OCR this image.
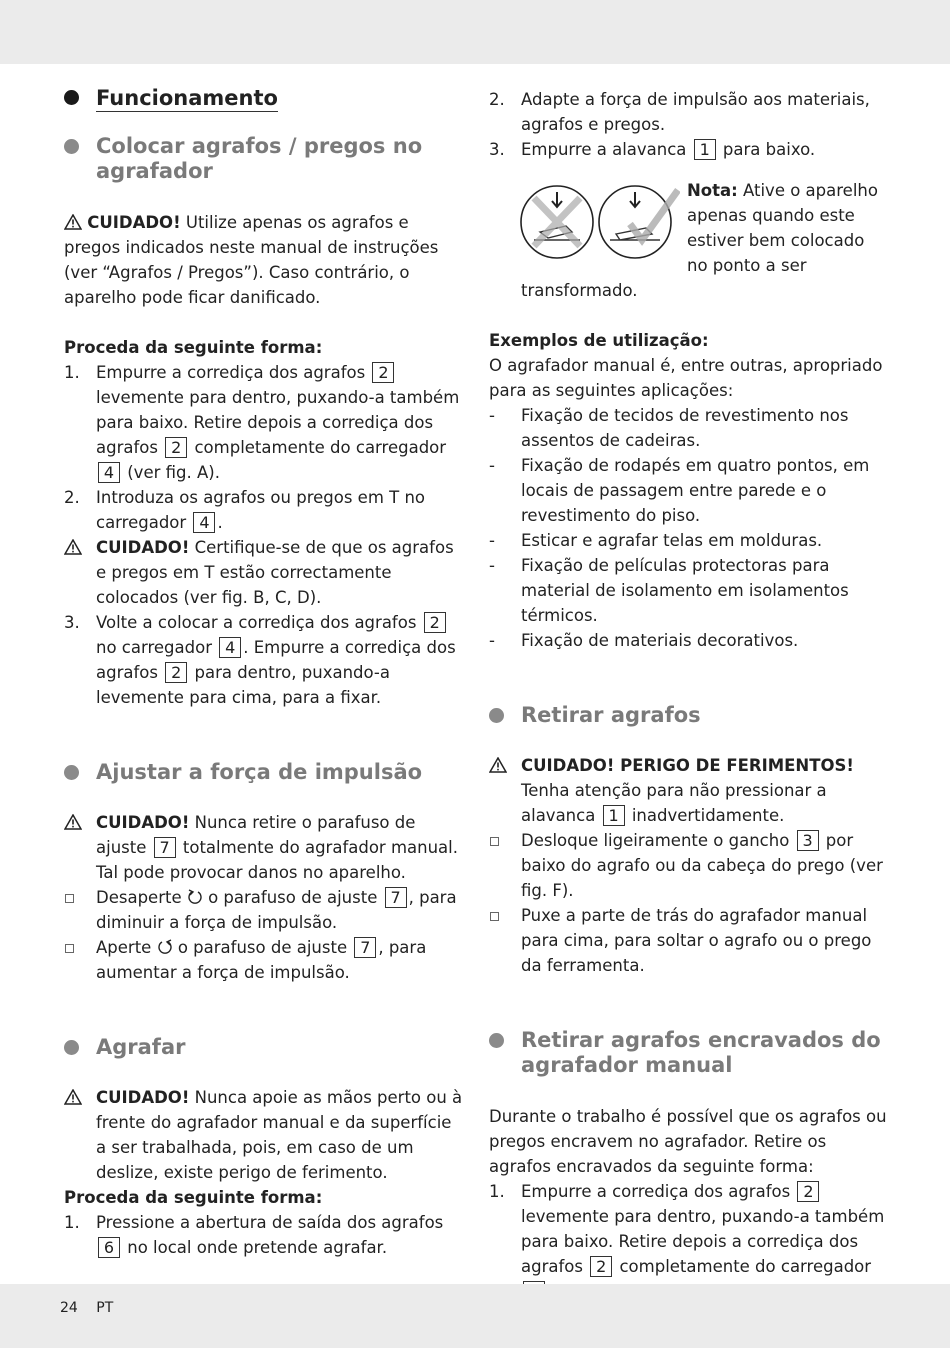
Funcionamento
Colocar agrafos / pregos no agrafador

CUIDADO! Utilize apenas os agrafos e pregos indicados neste manual de instruções (ver “Agrafos / Pregos”). Caso contrário, o aparelho pode ficar danificado.

Proceda da seguinte forma:

1. Empurre a corrediça dos agrafos 2 levemente para dentro, puxando-a também para baixo. Retire depois a corrediça dos agrafos 2 completamente do carregador 4 (ver fig. A).
2. Introduza os agrafos ou pregos em T no carregador 4 .
CUIDADO! Certifique-se de que os agrafos e pregos em T estão correctamente colocados (ver fig. B, C, D).
3. Volte a colocar a corrediça dos agrafos 2 no carregador 4 . Empurre a corrediça dos agrafos 2 para dentro, puxando-a levemente para cima, para a fixar.
Ajustar a força de impulsão
CUIDADO! Nunca retire o parafuso de ajuste 7 totalmente do agrafador manual. Tal pode provocar danos no aparelho.
Desaperte o parafuso de ajuste 7 , para diminuir a força de impulsão.
Aperte o parafuso de ajuste 7 , para aumentar a força de impulsão.
Agrafar
CUIDADO! Nunca apoie as mãos perto ou à frente do agrafador manual e da superfície a ser trabalhada, pois, em caso de um deslize, existe perigo de ferimento.

Proceda da seguinte forma:

1. Pressione a abertura de saída dos agrafos 6 no local onde pretende agrafar.
2. Adapte a força de impulsão aos materiais, agrafos e pregos.
3. Empurre a alavanca 1 para baixo.

Nota: Ative o aparelho apenas quando este estiver bem colocado no ponto a ser

transformado.

Exemplos de utilização:

O agrafador manual é, entre outras, apropriado para as seguintes aplicações:

- Fixação de tecidos de revestimento nos assentos de cadeiras.
- Fixação de rodapés em quatro pontos, em locais de passagem entre parede e o revestimento do piso.
- Esticar e agrafar telas em molduras.
- Fixação de películas protectoras para material de isolamento em isolamentos térmicos.
- Fixação de materiais decorativos.
Retirar agrafos
CUIDADO! PERIGO DE FERIMENTOS!
Tenha atenção para não pressionar a alavanca 1 inadvertidamente.
Desloque ligeiramente o gancho 3 por baixo do agrafo ou da cabeça do prego (ver fig. F).
Puxe a parte de trás do agrafador manual para cima, para soltar o agrafo ou o prego da ferramenta.
Retirar agrafos encravados do agrafador manual

Durante o trabalho é possível que os agrafos ou pregos encravem no agrafador. Retire os agrafos encravados da seguinte forma:

1. Empurre a corrediça dos agrafos 2 levemente para dentro, puxando-a também para baixo. Retire depois a corrediça dos agrafos 2 completamente do carregador
24 PT
